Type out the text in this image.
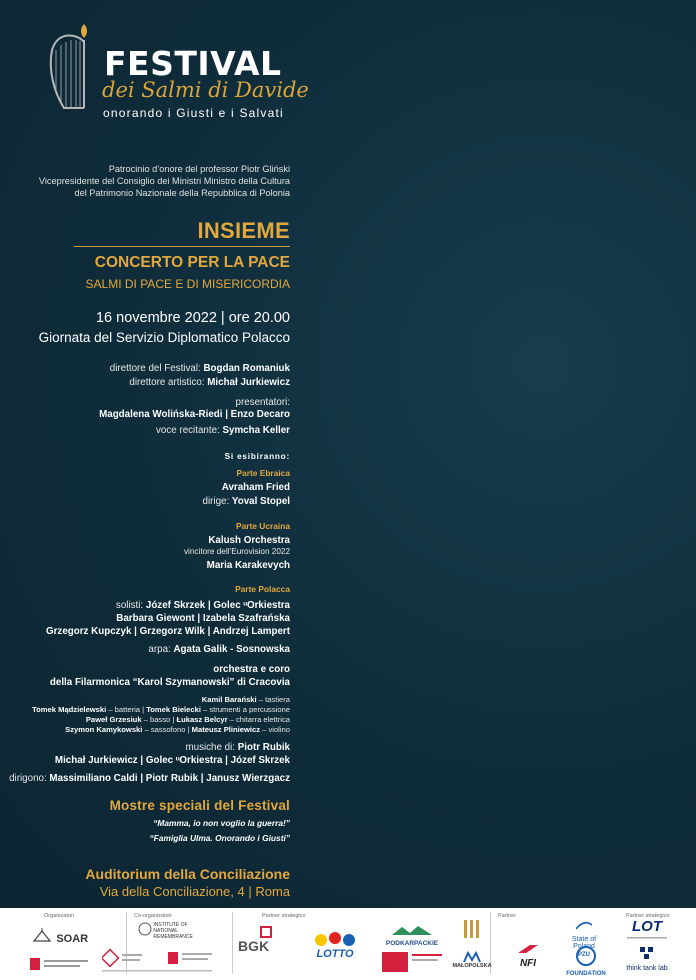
FESTIVAL
dei Salmi di Davide
onorando i Giusti e i Salvati
Patrocinio d’onore del professor Piotr Gliński
Vicepresidente del Consiglio dei Ministri Ministro della Cultura
del Patrimonio Nazionale della Repubblica di Polonia
INSIEME
CONCERTO PER LA PACE
SALMI DI PACE E DI MISERICORDIA
16 novembre 2022 | ore 20.00
Giornata del Servizio Diplomatico Polacco
direttore del Festival: Bogdan Romaniuk
direttore artistico: Michał Jurkiewicz
presentatori:
Magdalena Wolińska-Riedi | Enzo Decaro
voce recitante: Symcha Keller
Si esibiranno:
Parte Ebraica
Avraham Fried
dirige: Yoval Stopel
Parte Ucraina
Kalush Orchestra
vincitore dell’Eurovision 2022
Maria Karakevych
Parte Polacca
solisti: Józef Skrzek | Golec ᵘOrkiestra
Barbara Giewont | Izabela Szafrańska
Grzegorz Kupczyk | Grzegorz Wilk | Andrzej Lampert
arpa: Agata Galik - Sosnowska
orchestra e coro
della Filarmonica “Karol Szymanowski” di Cracovia
Kamil Barański – tastiera
Tomek Mądzielewski – batteria | Tomek Bielecki – strumenti a percussione
Paweł Grzesiuk – basso | Łukasz Belcyr – chitarra elettrica
Szymon Kamykowski – sassofono | Mateusz Pliniewicz – violino
musiche di: Piotr Rubik
Michał Jurkiewicz | Golec ᵘOrkiestra | Józef Skrzek
dirigono: Massimiliano Caldi | Piotr Rubik | Janusz Wierzgacz
Mostre speciali del Festival
“Mamma, io non voglio la guerra!”
“Famiglia Ulma. Onorando i Giusti”
Auditorium della Conciliazione
Via della Conciliazione, 4 | Roma
Organizatori	Co-organizatori	Partner strategico	Partner	Partner strategico
SOAR
INSTITUTE OF NATIONAL REMEMBRANCE
BGK	LOTTO
PODKARPACKIE
MAŁOPOLSKA	NFI
State of Poland
PZU
FOUNDATION
LOT
think tank lab
